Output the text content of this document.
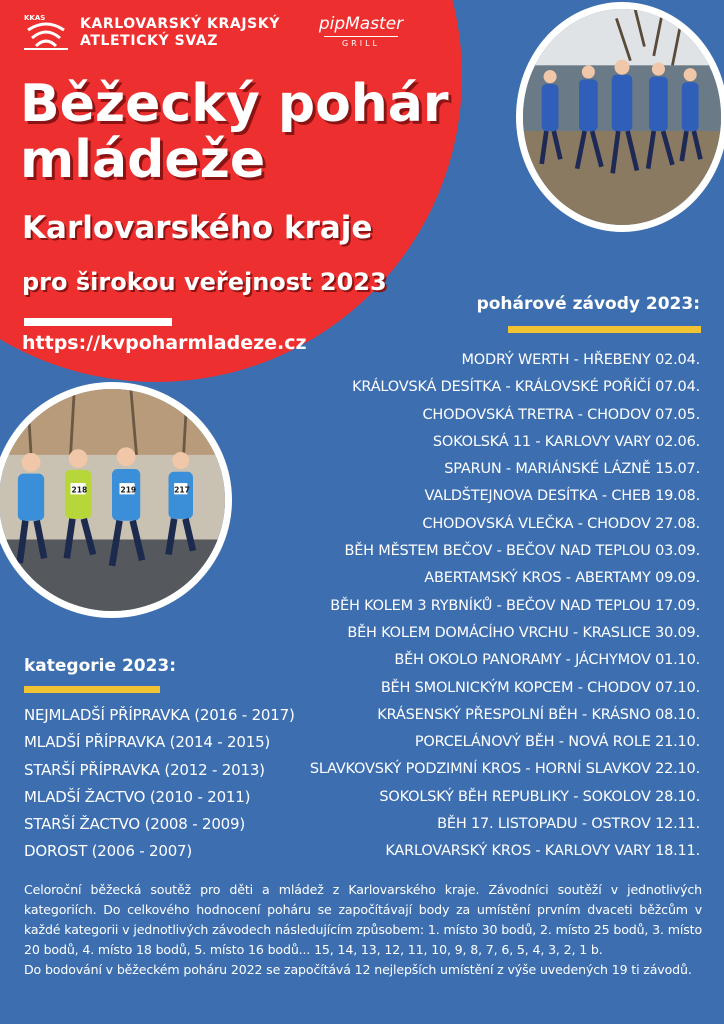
KKAS KARLOVARSKÝ KRAJSKÝ
ATLETICKÝ SVAZ
pipMaster
GRILL
Běžecký pohár
mládeže
Karlovarského kraje
pro širokou veřejnost 2023
https://kvpoharmladeze.cz
219
218	217
pohárové závody 2023:
MODRÝ WERTH - HŘEBENY 02.04.
KRÁLOVSKÁ DESÍTKA - KRÁLOVSKÉ POŘÍČÍ 07.04.
CHODOVSKÁ TRETRA - CHODOV 07.05.
SOKOLSKÁ 11 - KARLOVY VARY 02.06.
SPARUN - MARIÁNSKÉ LÁZNĚ 15.07.
VALDŠTEJNOVA DESÍTKA - CHEB 19.08.
CHODOVSKÁ VLEČKA - CHODOV 27.08.
BĚH MĚSTEM BEČOV - BEČOV NAD TEPLOU 03.09.
ABERTAMSKÝ KROS - ABERTAMY 09.09.
BĚH KOLEM 3 RYBNÍKŮ - BEČOV NAD TEPLOU 17.09.
BĚH KOLEM DOMÁCÍHO VRCHU - KRASLICE 30.09.
BĚH OKOLO PANORAMY - JÁCHYMOV 01.10.
BĚH SMOLNICKÝM KOPCEM - CHODOV 07.10.
KRÁSENSKÝ PŘESPOLNÍ BĚH - KRÁSNO 08.10.
PORCELÁNOVÝ BĚH - NOVÁ ROLE 21.10.
SLAVKOVSKÝ PODZIMNÍ KROS - HORNÍ SLAVKOV 22.10.
SOKOLSKÝ BĚH REPUBLIKY - SOKOLOV 28.10.
BĚH 17. LISTOPADU - OSTROV 12.11.
KARLOVARSKÝ KROS - KARLOVY VARY 18.11.
kategorie 2023:
NEJMLADŠÍ PŘÍPRAVKA (2016 - 2017)
MLADŠÍ PŘÍPRAVKA (2014 - 2015)
STARŠÍ PŘÍPRAVKA (2012 - 2013)
MLADŠÍ ŽACTVO (2010 - 2011)
STARŠÍ ŽACTVO (2008 - 2009)
DOROST (2006 - 2007)

Celoroční běžecká soutěž pro děti a mládež z Karlovarského kraje. Závodníci soutěží v jednotlivých kategoriích. Do celkového hodnocení poháru se započítávají body za umístění prvním dvaceti běžcům v každé kategorii v jednotlivých závodech následujícím způsobem: 1. místo 30 bodů, 2. místo 25 bodů, 3. místo 20 bodů, 4. místo 18 bodů, 5. místo 16 bodů... 15, 14, 13, 12, 11, 10, 9, 8, 7, 6, 5, 4, 3, 2, 1 b.

Do bodování v běžeckém poháru 2022 se započítává 12 nejlepších umístění z výše uvedených 19 ti závodů.
